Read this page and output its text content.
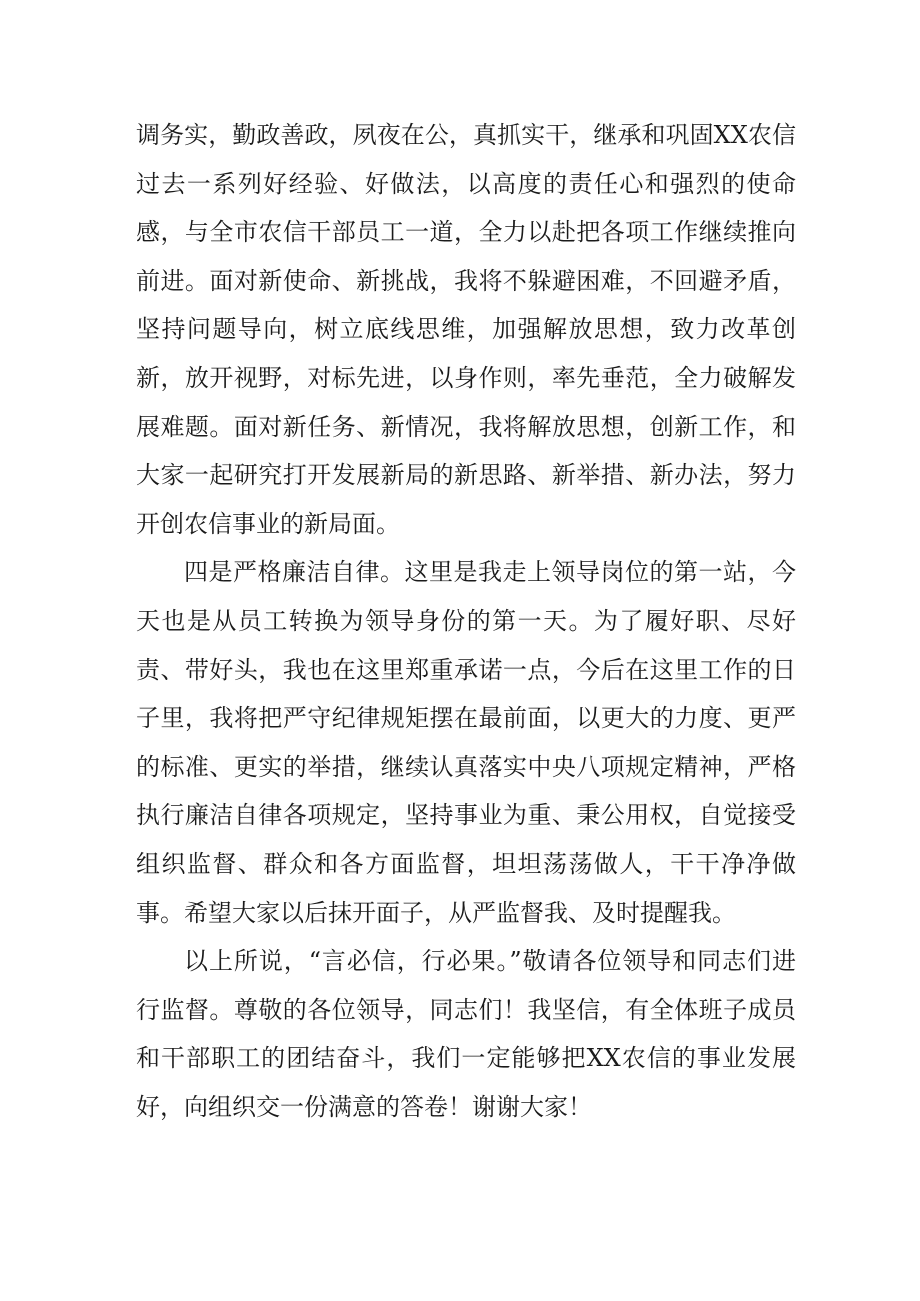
调务实，勤政善政，夙夜在公，真抓实干，继承和巩固XX农信过去一系列好经验、好做法，以高度的责任心和强烈的使命感，与全市农信干部员工一道，全力以赴把各项工作继续推向前进。面对新使命、新挑战，我将不躲避困难，不回避矛盾，坚持问题导向，树立底线思维，加强解放思想，致力改革创新，放开视野，对标先进，以身作则，率先垂范，全力破解发展难题。面对新任务、新情况，我将解放思想，创新工作，和大家一起研究打开发展新局的新思路、新举措、新办法，努力开创农信事业的新局面。

四是严格廉洁自律。这里是我走上领导岗位的第一站，今天也是从员工转换为领导身份的第一天。为了履好职、尽好责、带好头，我也在这里郑重承诺一点，今后在这里工作的日子里，我将把严守纪律规矩摆在最前面，以更大的力度、更严的标准、更实的举措，继续认真落实中央八项规定精神，严格执行廉洁自律各项规定，坚持事业为重、秉公用权，自觉接受组织监督、群众和各方面监督，坦坦荡荡做人，干干净净做事。希望大家以后抹开面子，从严监督我、及时提醒我。

以上所说，“言必信，行必果。”敬请各位领导和同志们进行监督。尊敬的各位领导，同志们！我坚信，有全体班子成员和干部职工的团结奋斗，我们一定能够把XX农信的事业发展好，向组织交一份满意的答卷！谢谢大家！
